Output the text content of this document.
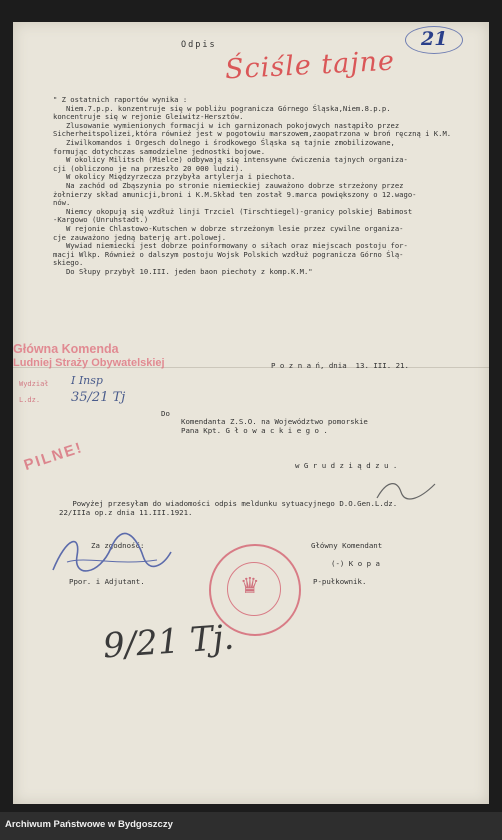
Odpis
Ściśle tajne
21

" Z ostatnich raportów wynika :

Niem.7.p.p. konzentruje się w pobliżu pogranicza Górnego Śląska,Niem.8.p.p.
koncentruje się w rejonie Gleiwitz-Hersztów.

Zlusowanie wymienionych formacji w ich garnizonach pokojowych nastąpiło przez
Sicherheitspolizei,która również jest w pogotowiu marszowem,zaopatrzona w broń ręczną i K.M.

Ziwilkomandos i Orgesch dolnego i środkowego Śląska są tajnie zmobilizowane,
formując dotychczas samodzielne jednostki bojowe.

W okolicy Militsch (Mielce) odbywają się intensywne ćwiczenia tajnych organiza-
cji (obliczono je na przeszło 20 000 ludzi).

W okolicy Międzyrzecza przybyła artylerja i piechota.

Na zachód od Zbąszynia po stronie niemieckiej zauważono dobrze strzeżony przez
żołnierzy skład amunicji,broni i K.M.Skład ten został 9.marca powiększony o 12.wago-
nów.

Niemcy okopują się wzdłuż linji Trzciel (Tirschtiegel)-granicy polskiej Babimost
-Kargowo (Unruhstadt.)

W rejonie Chlastowo-Kutschen w dobrze strzeżonym lesie przez cywilne organiza-
cje zauważono jedną baterję art.polowej.

Wywiad niemiecki jest dobrze poinformowany o siłach oraz miejscach postoju for-
macji Wlkp. Również o dalszym postoju Wojsk Polskich wzdłuż pogranicza Górno Ślą-
skiego.

Do Słupy przybył 10.III. jeden baon piechoty z komp.K.M."

Główna Komenda
Ludniej Straży Obywatelskiej
Wydział I Insp
L.dz. 35/21 Tj
P o z n a ń, dnia  13. III. 21.
Do
Komendanta Z.S.O. na Województwo pomorskie
Pana Kpt. G ł o w a c k i e g o .
w G r u d z i ą d z u .
PILNE!
Powyżej przesyłam do wiadomości odpis meldunku sytuacyjnego D.O.Gen.L.dz.
22/IIIa op.z dnia 11.III.1921.
Za zgodność:
Ppor. i Adjutant.
Główny Komendant
(-) K o p a
P-pułkownik.
♛
9/21 Tj.
Archiwum Państwowe w Bydgoszczy
